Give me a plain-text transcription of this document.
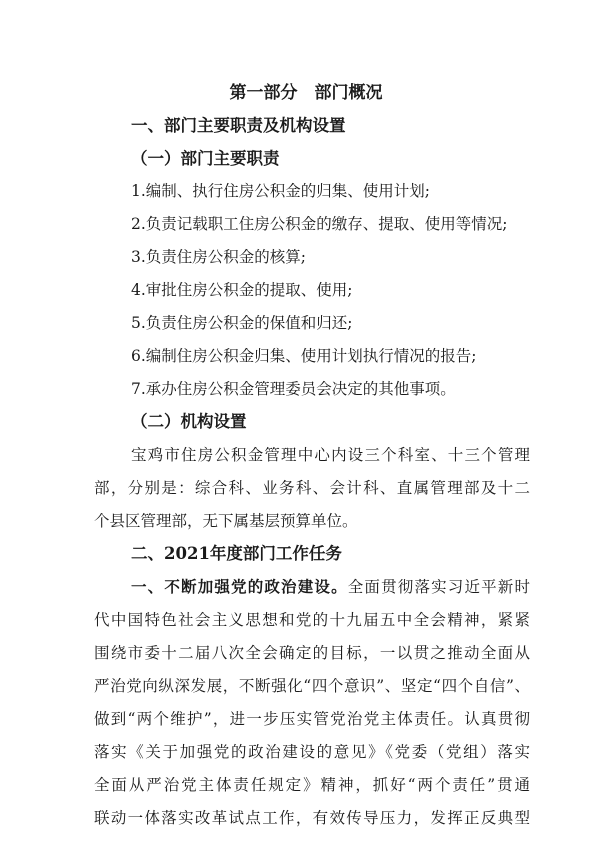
第一部分　部门概况
一、部门主要职责及机构设置
（一）部门主要职责
1.编制、执行住房公积金的归集、使用计划;
2.负责记载职工住房公积金的缴存、提取、使用等情况;
3.负责住房公积金的核算;
4.审批住房公积金的提取、使用;
5.负责住房公积金的保值和归还;
6.编制住房公积金归集、使用计划执行情况的报告;
7.承办住房公积金管理委员会决定的其他事项。
（二）机构设置
宝鸡市住房公积金管理中心内设三个科室、十三个管理
部，分别是：综合科、业务科、会计科、直属管理部及十二
个县区管理部，无下属基层预算单位。
二、2021年度部门工作任务
一、不断加强党的政治建设。全面贯彻落实习近平新时
代中国特色社会主义思想和党的十九届五中全会精神，紧紧
围绕市委十二届八次全会确定的目标，一以贯之推动全面从
严治党向纵深发展，不断强化“四个意识”、坚定“四个自信”、
做到“两个维护”，进一步压实管党治党主体责任。认真贯彻
落实《关于加强党的政治建设的意见》《党委（党组）落实
全面从严治党主体责任规定》精神，抓好“两个责任”贯通
联动一体落实改革试点工作，有效传导压力，发挥正反典型
